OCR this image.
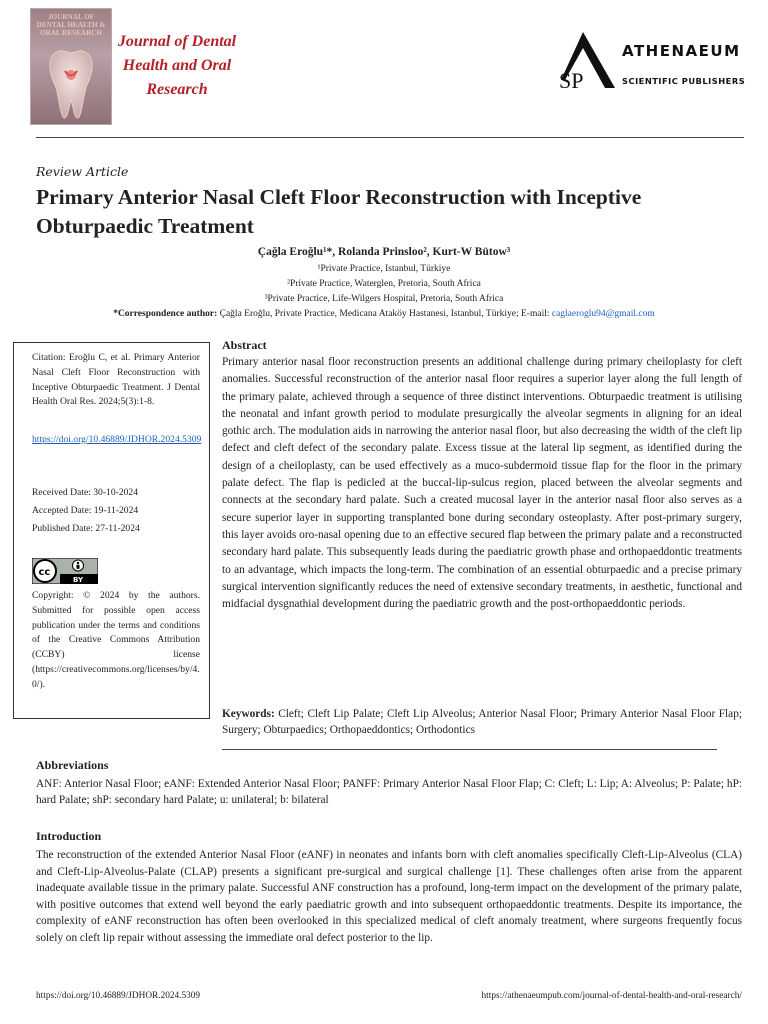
JOURNAL OF DENTAL HEALTH & ORAL RESEARCH Journal of Dental Health and Oral Research	SP
ATHENAEUM
SCIENTIFIC PUBLISHERS
Review Article
Primary Anterior Nasal Cleft Floor Reconstruction with Inceptive Obturpaedic Treatment
Çağla Eroğlu¹*, Rolanda Prinsloo², Kurt-W Bütow³
¹Private Practice, Istanbul, Türkiye
²Private Practice, Waterglen, Pretoria, South Africa
³Private Practice, Life-Wilgers Hospital, Pretoria, South Africa
*Correspondence author: Çağla Eroğlu, Private Practice, Medicana Ataköy Hastanesi, Istanbul, Türkiye; E-mail: caglaeroglu94@gmail.com
Citation: Eroğlu C, et al. Primary Anterior Nasal Cleft Floor Reconstruction with Inceptive Obturpaedic Treatment. J Dental Health Oral Res. 2024;5(3):1-8.
https://doi.org/10.46889/JDHOR.2024.5309
Received Date: 30-10-2024
Accepted Date: 19-11-2024
Published Date: 27-11-2024
cc
BY
Copyright: © 2024 by the authors. Submitted for possible open access publication under the terms and conditions of the Creative Commons Attribution (CCBY) license (https://creativecommons.org/licenses/by/4.0/).
Abstract
Primary anterior nasal floor reconstruction presents an additional challenge during primary cheiloplasty for cleft anomalies. Successful reconstruction of the anterior nasal floor requires a superior layer along the full length of the primary palate, achieved through a sequence of three distinct interventions. Obturpaedic treatment is utilising the neonatal and infant growth period to modulate presurgically the alveolar segments in aligning for an ideal gothic arch. The modulation aids in narrowing the anterior nasal floor, but also decreasing the width of the cleft lip defect and cleft defect of the secondary palate. Excess tissue at the lateral lip segment, as identified during the design of a cheiloplasty, can be used effectively as a muco-subdermoid tissue flap for the floor in the primary palate defect. The flap is pedicled at the buccal-lip-sulcus region, placed between the alveolar segments and connects at the secondary hard palate. Such a created mucosal layer in the anterior nasal floor also serves as a secure superior layer in supporting transplanted bone during secondary osteoplasty. After post-primary surgery, this layer avoids oro-nasal opening due to an effective secured flap between the primary palate and a reconstructed secondary hard palate. This subsequently leads during the paediatric growth phase and orthopaeddontic treatments to an advantage, which impacts the long-term. The combination of an essential obturpaedic and a precise primary surgical intervention significantly reduces the need of extensive secondary treatments, in aesthetic, functional and midfacial dysgnathial development during the paediatric growth and the post-orthopaeddontic periods.
Keywords: Cleft; Cleft Lip Palate; Cleft Lip Alveolus; Anterior Nasal Floor; Primary Anterior Nasal Floor Flap; Surgery; Obturpaedics; Orthopaeddontics; Orthodontics
Abbreviations
ANF: Anterior Nasal Floor; eANF: Extended Anterior Nasal Floor; PANFF: Primary Anterior Nasal Floor Flap; C: Cleft; L: Lip; A: Alveolus; P: Palate; hP: hard Palate; shP: secondary hard Palate; u: unilateral; b: bilateral
Introduction
The reconstruction of the extended Anterior Nasal Floor (eANF) in neonates and infants born with cleft anomalies specifically Cleft-Lip-Alveolus (CLA) and Cleft-Lip-Alveolus-Palate (CLAP) presents a significant pre-surgical and surgical challenge [1]. These challenges often arise from the apparent inadequate available tissue in the primary palate. Successful ANF construction has a profound, long-term impact on the development of the primary palate, with positive outcomes that extend well beyond the early paediatric growth and into subsequent orthopaeddontic treatments. Despite its importance, the complexity of eANF reconstruction has often been overlooked in this specialized medical of cleft anomaly treatment, where surgeons frequently focus solely on cleft lip repair without assessing the immediate oral defect posterior to the lip.
https://doi.org/10.46889/JDHOR.2024.5309	https://athenaeumpub.com/journal-of-dental-health-and-oral-research/
